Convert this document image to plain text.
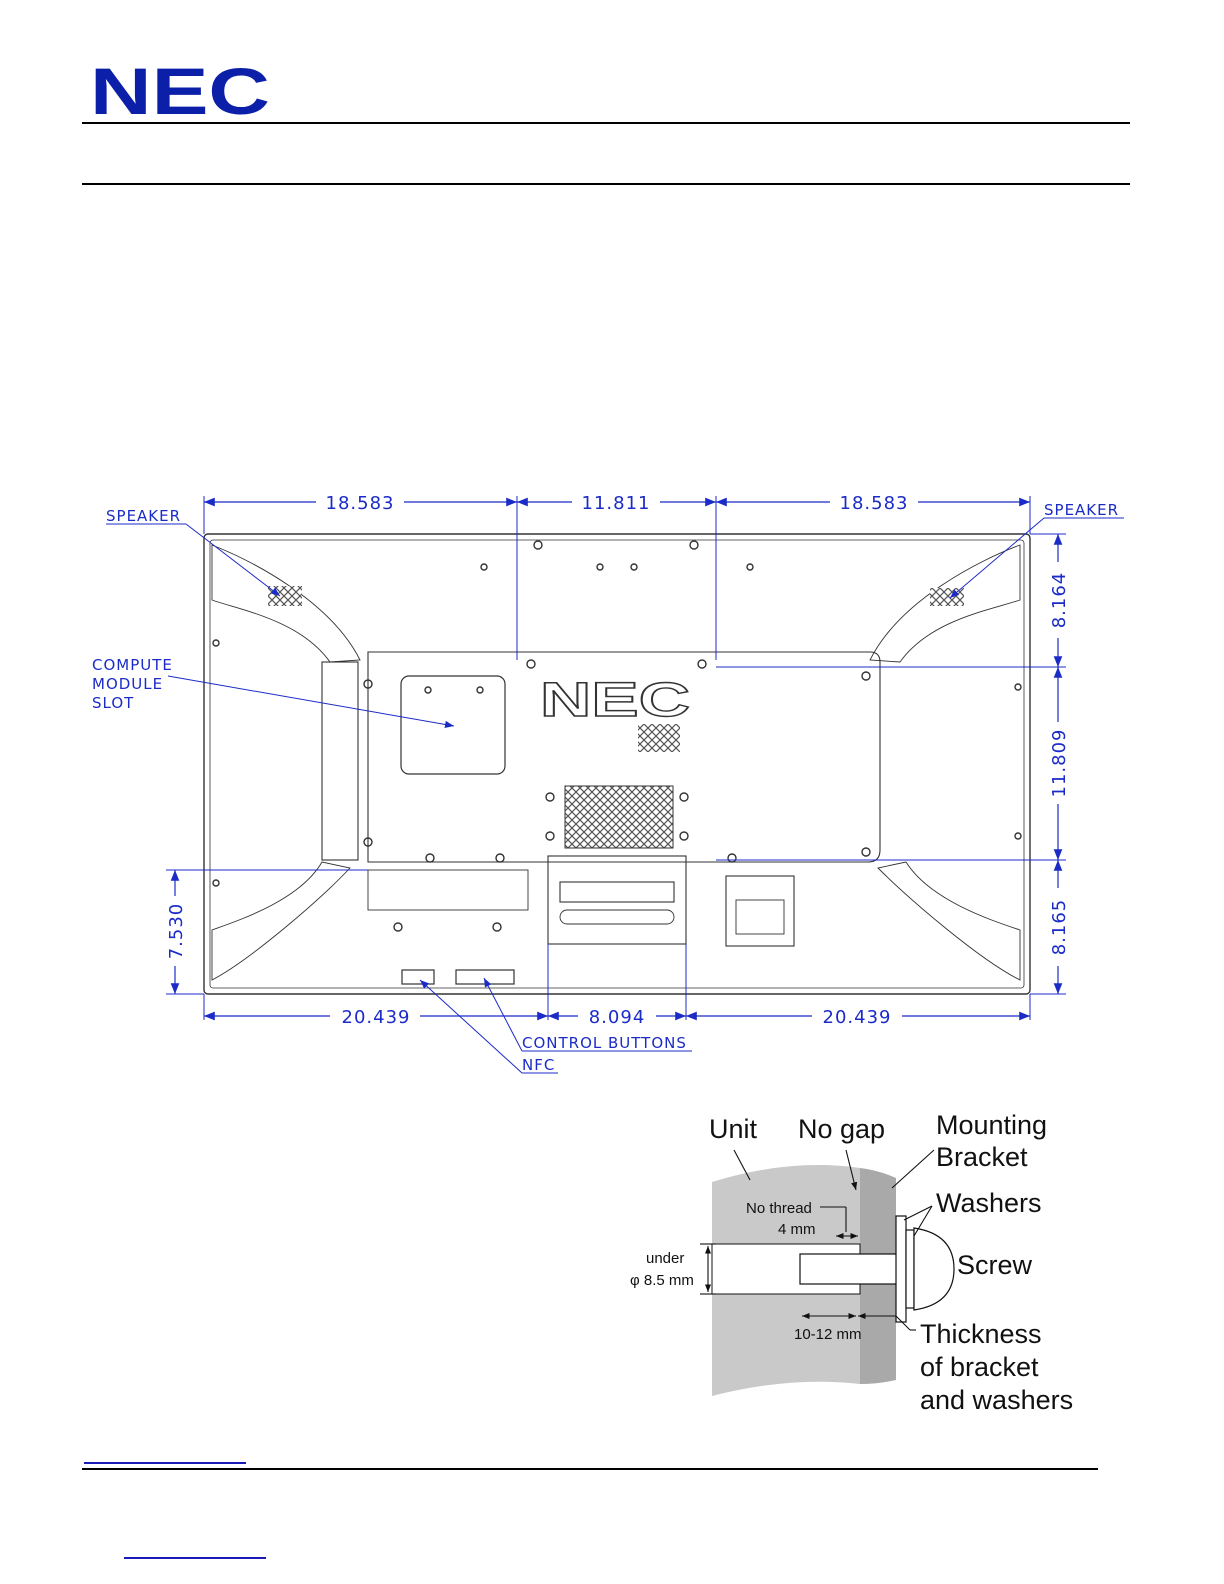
NEC
NEC
18.583	11.811	18.583
20.439	8.094	20.439
8.164
11.809
8.165
7.530
SPEAKER	SPEAKER
COMPUTE
MODULE
SLOT
CONTROL BUTTONS
NFC
Unit No gap Mounting
Bracket
Washers
Screw
No thread
4 mm
under
φ 8.5 mm
10-12 mm Thickness
of bracket
and washers
